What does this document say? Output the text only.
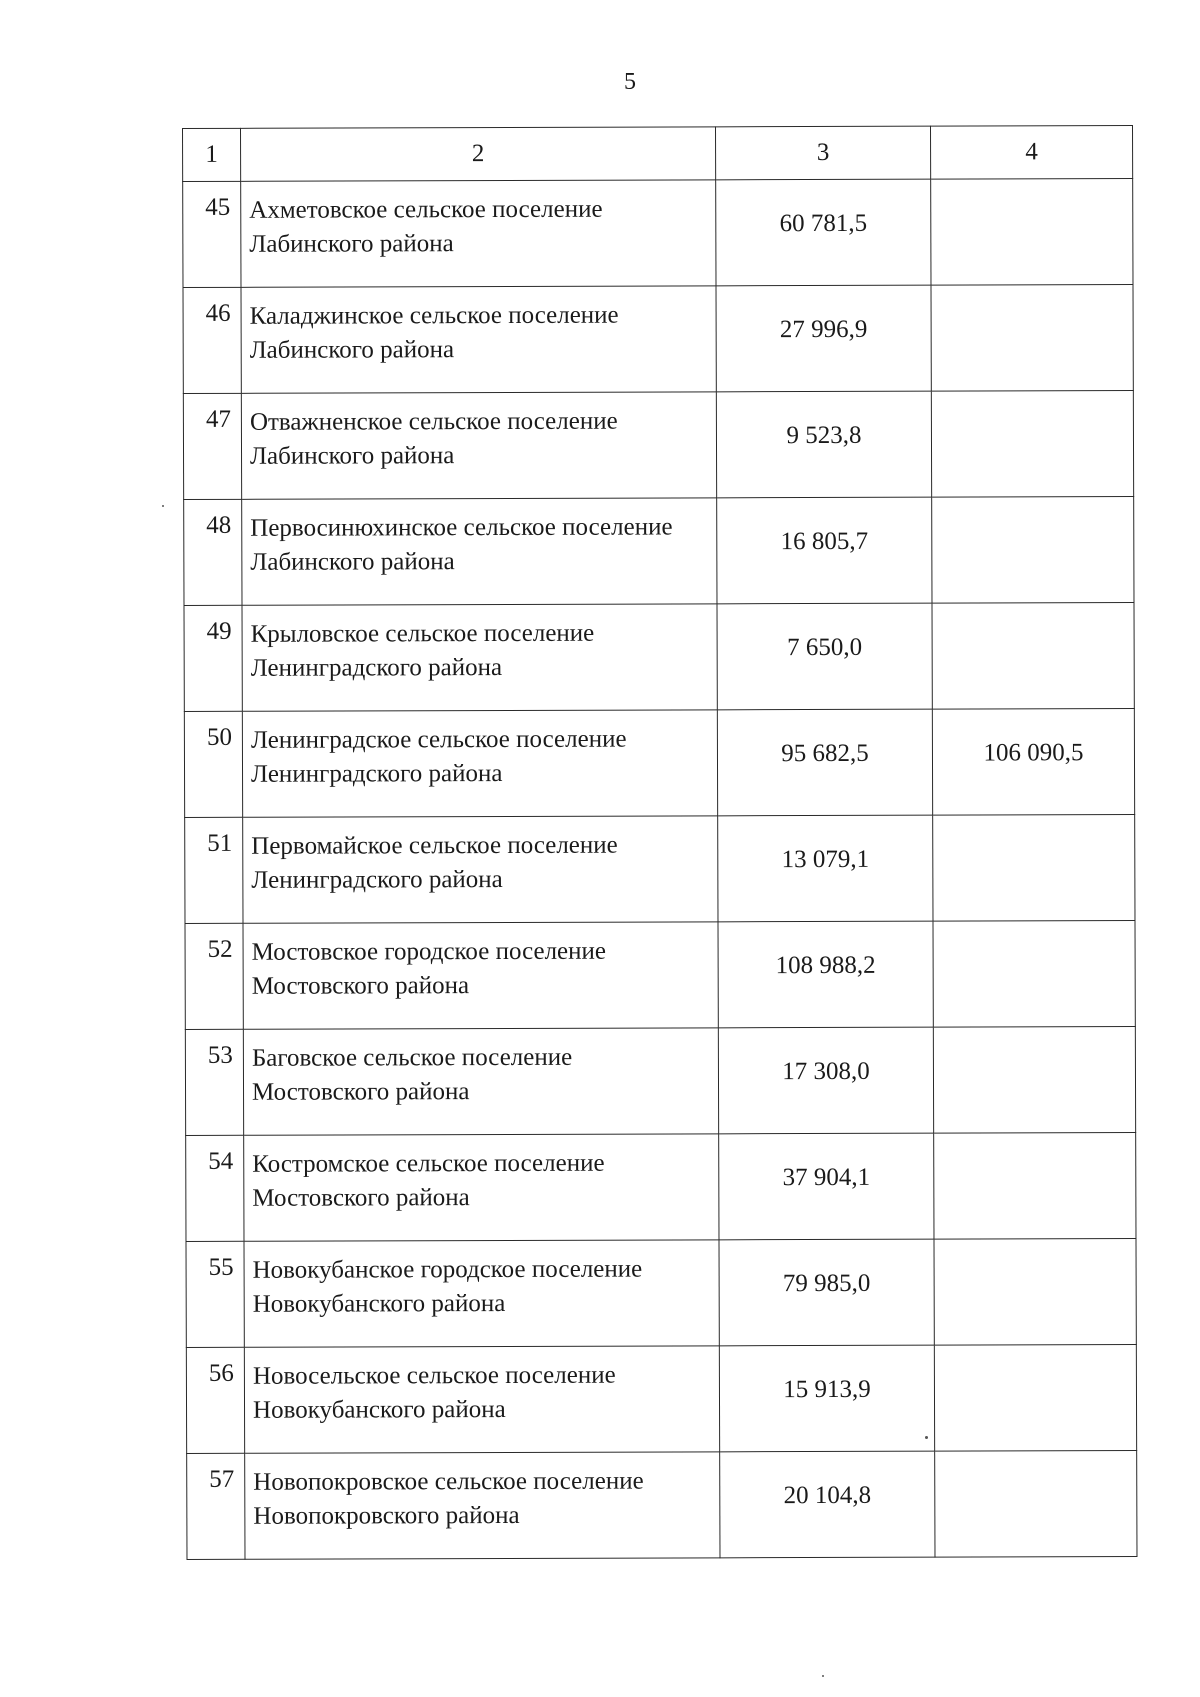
5
1	2	3	4
45	Ахметовское сельское поселение Лабинского района	60 781,5	
46	Каладжинское сельское поселение Лабинского района	27 996,9	
47	Отважненское сельское поселение Лабинского района	9 523,8	
48	Первосинюхинское сельское поселение Лабинского района	16 805,7	
49	Крыловское сельское поселение Ленинградского района	7 650,0	
50	Ленинградское сельское поселение Ленинградского района	95 682,5	106 090,5
51	Первомайское сельское поселение Ленинградского района	13 079,1	
52	Мостовское городское поселение Мостовского района	108 988,2	
53	Баговское сельское поселение Мостовского района	17 308,0	
54	Костромское сельское поселение Мостовского района	37 904,1	
55	Новокубанское городское поселение Новокубанского района	79 985,0	
56	Новосельское сельское поселение Новокубанского района	15 913,9	
57	Новопокровское сельское поселение Новопокровского района	20 104,8	
